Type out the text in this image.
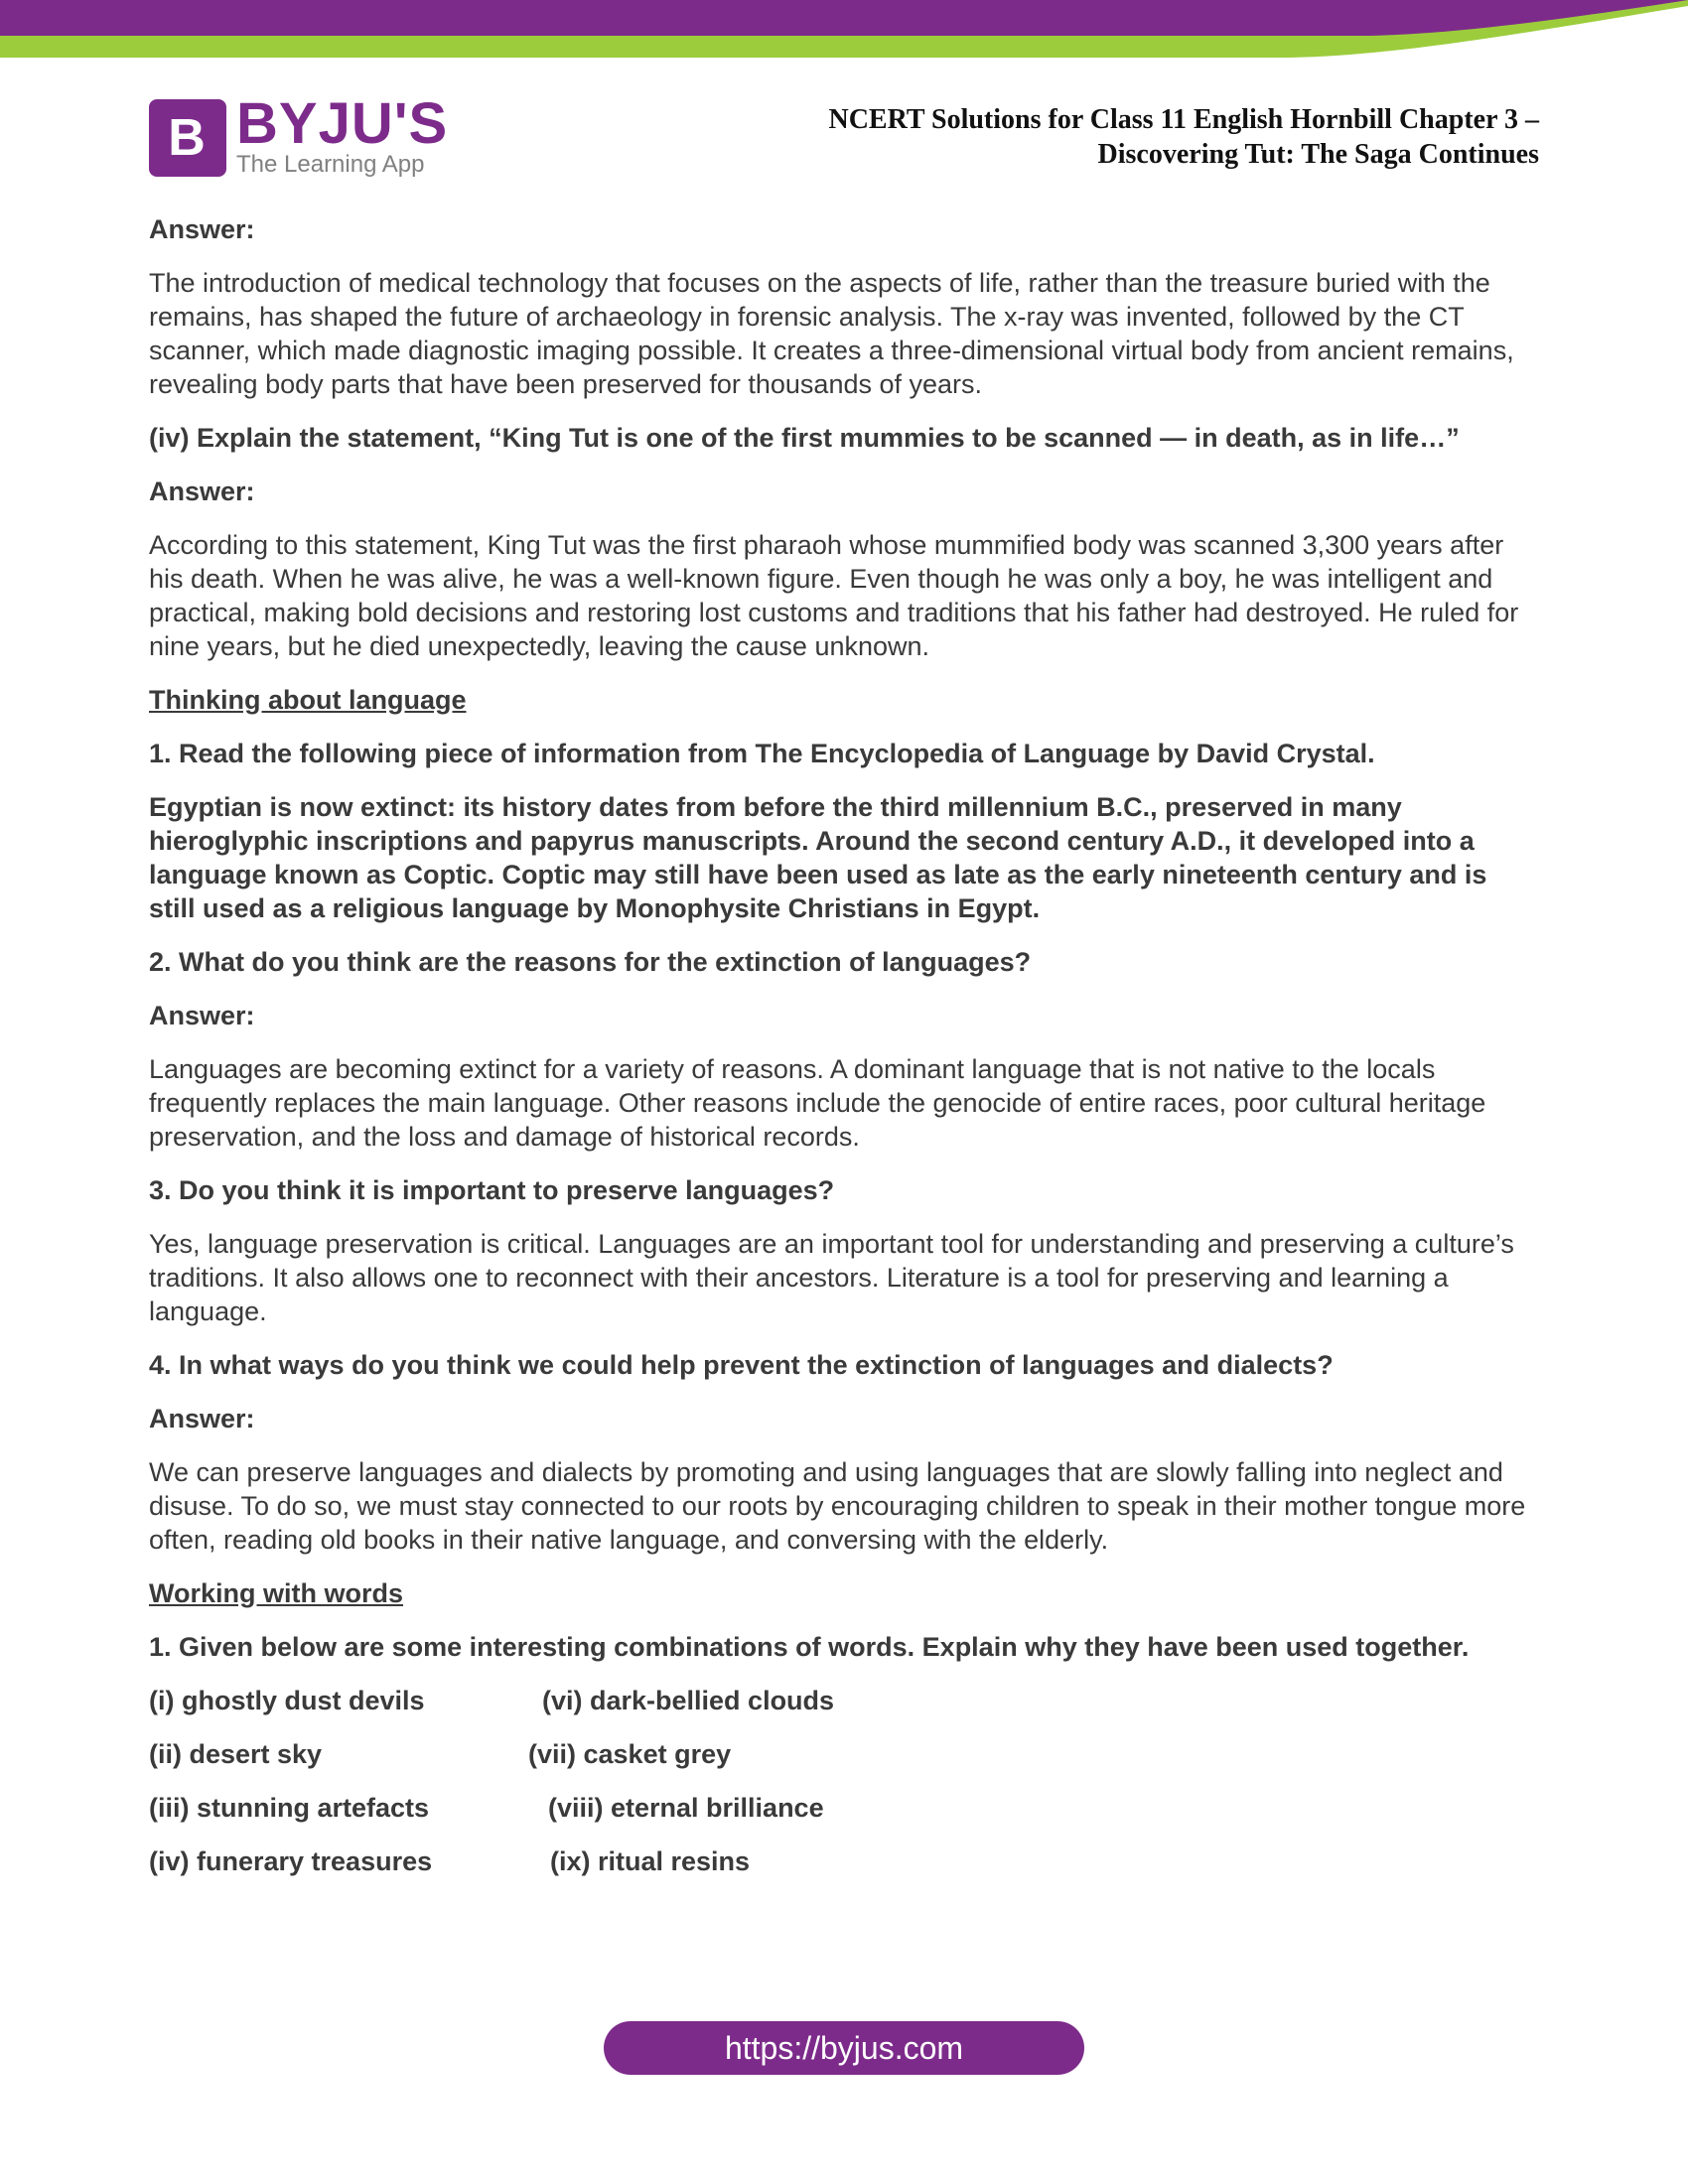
B BYJU'S
The Learning App
NCERT Solutions for Class 11 English Hornbill Chapter 3 –
Discovering Tut: The Saga Continues

Answer:

The introduction of medical technology that focuses on the aspects of life, rather than the treasure buried with the remains, has shaped the future of archaeology in forensic analysis. The x-ray was invented, followed by the CT scanner, which made diagnostic imaging possible. It creates a three-dimensional virtual body from ancient remains, revealing body parts that have been preserved for thousands of years.

(iv) Explain the statement, “King Tut is one of the first mummies to be scanned — in death, as in life…”

Answer:

According to this statement, King Tut was the first pharaoh whose mummified body was scanned 3,300 years after his death. When he was alive, he was a well-known figure. Even though he was only a boy, he was intelligent and practical, making bold decisions and restoring lost customs and traditions that his father had destroyed. He ruled for nine years, but he died unexpectedly, leaving the cause unknown.

Thinking about language

1. Read the following piece of information from The Encyclopedia of Language by David Crystal.

Egyptian is now extinct: its history dates from before the third millennium B.C., preserved in many hieroglyphic inscriptions and papyrus manuscripts. Around the second century A.D., it developed into a language known as Coptic. Coptic may still have been used as late as the early nineteenth century and is still used as a religious language by Monophysite Christians in Egypt.

2. What do you think are the reasons for the extinction of languages?

Answer:

Languages are becoming extinct for a variety of reasons. A dominant language that is not native to the locals frequently replaces the main language. Other reasons include the genocide of entire races, poor cultural heritage preservation, and the loss and damage of historical records.

3. Do you think it is important to preserve languages?

Yes, language preservation is critical. Languages are an important tool for understanding and preserving a culture’s traditions. It also allows one to reconnect with their ancestors. Literature is a tool for preserving and learning a language.

4. In what ways do you think we could help prevent the extinction of languages and dialects?

Answer:

We can preserve languages and dialects by promoting and using languages that are slowly falling into neglect and disuse. To do so, we must stay connected to our roots by encouraging children to speak in their mother tongue more often, reading old books in their native language, and conversing with the elderly.

Working with words

1. Given below are some interesting combinations of words. Explain why they have been used together.

(i) ghostly dust devils	(vi) dark-bellied clouds
(ii) desert sky	(vii) casket grey
(iii) stunning artefacts	(viii) eternal brilliance
(iv) funerary treasures	(ix) ritual resins
https://byjus.com
